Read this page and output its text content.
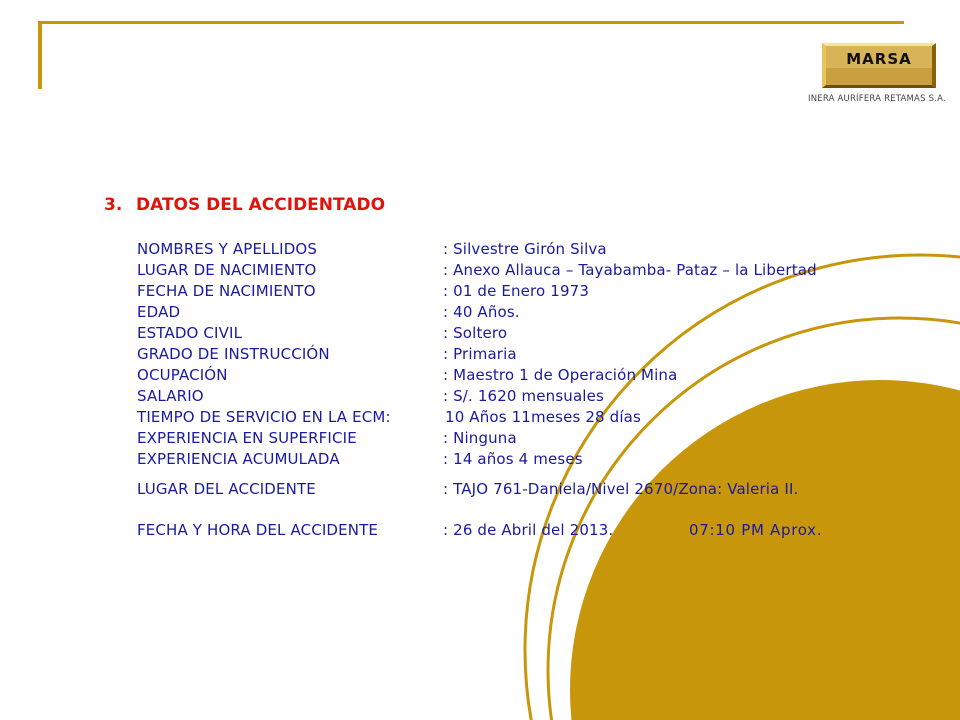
MARSA
INERA AURÍFERA RETAMAS S.A.
3. DATOS DEL ACCIDENTADO
NOMBRES Y APELLIDOS	: Silvestre Girón Silva
LUGAR DE NACIMIENTO	: Anexo Allauca – Tayabamba- Pataz – la Libertad
FECHA DE NACIMIENTO	: 01 de Enero 1973
EDAD	: 40 Años.
ESTADO CIVIL	: Soltero
GRADO DE INSTRUCCIÓN	: Primaria
OCUPACIÓN	: Maestro 1 de Operación Mina
SALARIO	: S/. 1620 mensuales
TIEMPO DE SERVICIO EN LA ECM:	10 Años 11meses 28 días
EXPERIENCIA EN SUPERFICIE	: Ninguna
EXPERIENCIA ACUMULADA	: 14 años 4 meses
LUGAR DEL ACCIDENTE	: TAJO 761-Daniela/Nivel 2670/Zona: Valeria II.
FECHA Y HORA DEL ACCIDENTE	: 26 de Abril del 2013.	07:10 PM Aprox.
